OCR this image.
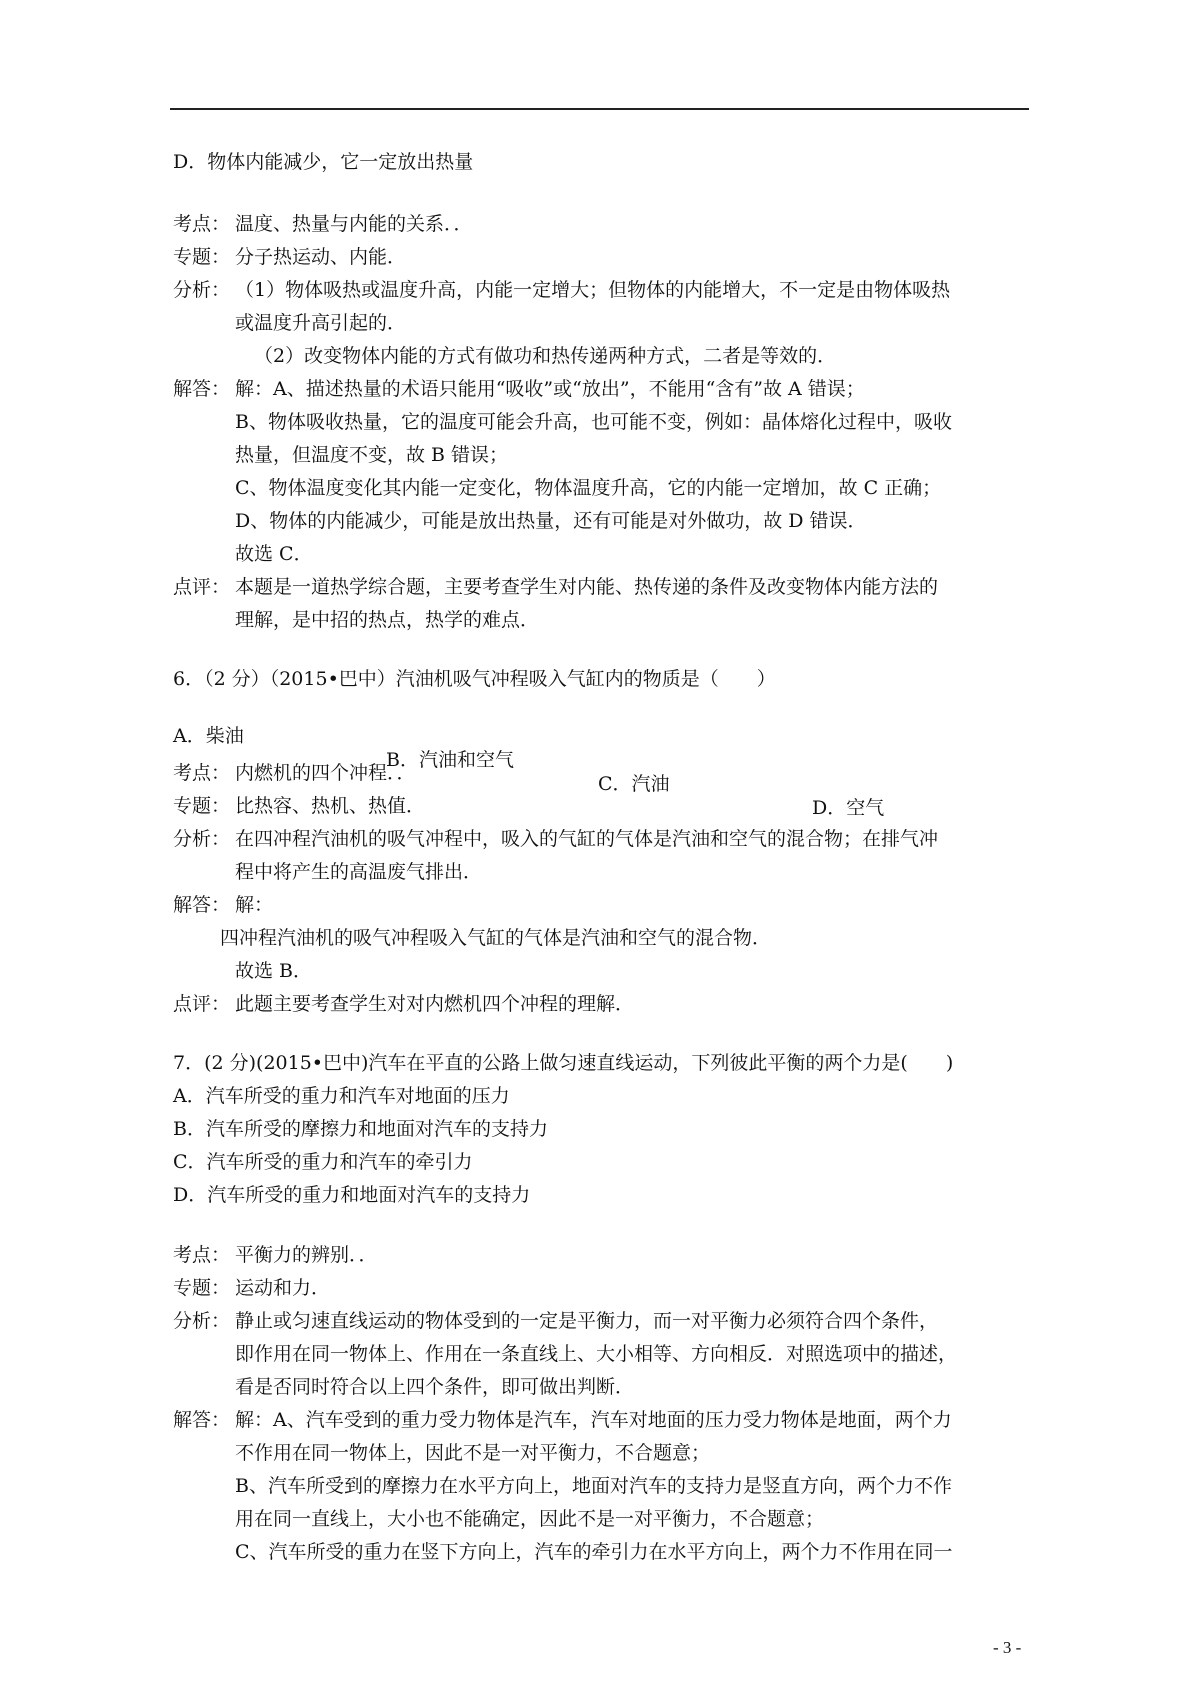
D．物体内能减少，它一定放出热量
考点： 温度、热量与内能的关系．．
专题： 分子热运动、内能．
分析： （1）物体吸热或温度升高，内能一定增大；但物体的内能增大，不一定是由物体吸热
或温度升高引起的．
（2）改变物体内能的方式有做功和热传递两种方式，二者是等效的．
解答： 解：A、描述热量的术语只能用“吸收”或“放出”，不能用“含有”故 A 错误；
B、物体吸收热量，它的温度可能会升高，也可能不变，例如：晶体熔化过程中，吸收
热量，但温度不变，故 B 错误；
C、物体温度变化其内能一定变化，物体温度升高，它的内能一定增加，故 C 正确；
D、物体的内能减少，可能是放出热量，还有可能是对外做功，故 D 错误．
故选 C．
点评： 本题是一道热学综合题，主要考查学生对内能、热传递的条件及改变物体内能方法的
理解，是中招的热点，热学的难点．
6．（2 分）（2015•巴中）汽油机吸气冲程吸入气缸内的物质是（　　）

A．柴油

B．汽油和空气

C．汽油

D．空气

考点： 内燃机的四个冲程．．
专题： 比热容、热机、热值．
分析： 在四冲程汽油机的吸气冲程中，吸入的气缸的气体是汽油和空气的混合物；在排气冲
程中将产生的高温废气排出．
解答： 解：
四冲程汽油机的吸气冲程吸入气缸的气体是汽油和空气的混合物．
故选 B．
点评： 此题主要考查学生对对内燃机四个冲程的理解．
7．(2 分)(2015•巴中)汽车在平直的公路上做匀速直线运动，下列彼此平衡的两个力是(　　)
A．汽车所受的重力和汽车对地面的压力
B．汽车所受的摩擦力和地面对汽车的支持力
C．汽车所受的重力和汽车的牵引力
D．汽车所受的重力和地面对汽车的支持力
考点： 平衡力的辨别．．
专题： 运动和力．
分析： 静止或匀速直线运动的物体受到的一定是平衡力，而一对平衡力必须符合四个条件，
即作用在同一物体上、作用在一条直线上、大小相等、方向相反．对照选项中的描述，
看是否同时符合以上四个条件，即可做出判断．
解答： 解：A、汽车受到的重力受力物体是汽车，汽车对地面的压力受力物体是地面，两个力
不作用在同一物体上，因此不是一对平衡力，不合题意；
B、汽车所受到的摩擦力在水平方向上，地面对汽车的支持力是竖直方向，两个力不作
用在同一直线上，大小也不能确定，因此不是一对平衡力，不合题意；
C、汽车所受的重力在竖下方向上，汽车的牵引力在水平方向上，两个力不作用在同一
- 3 -
